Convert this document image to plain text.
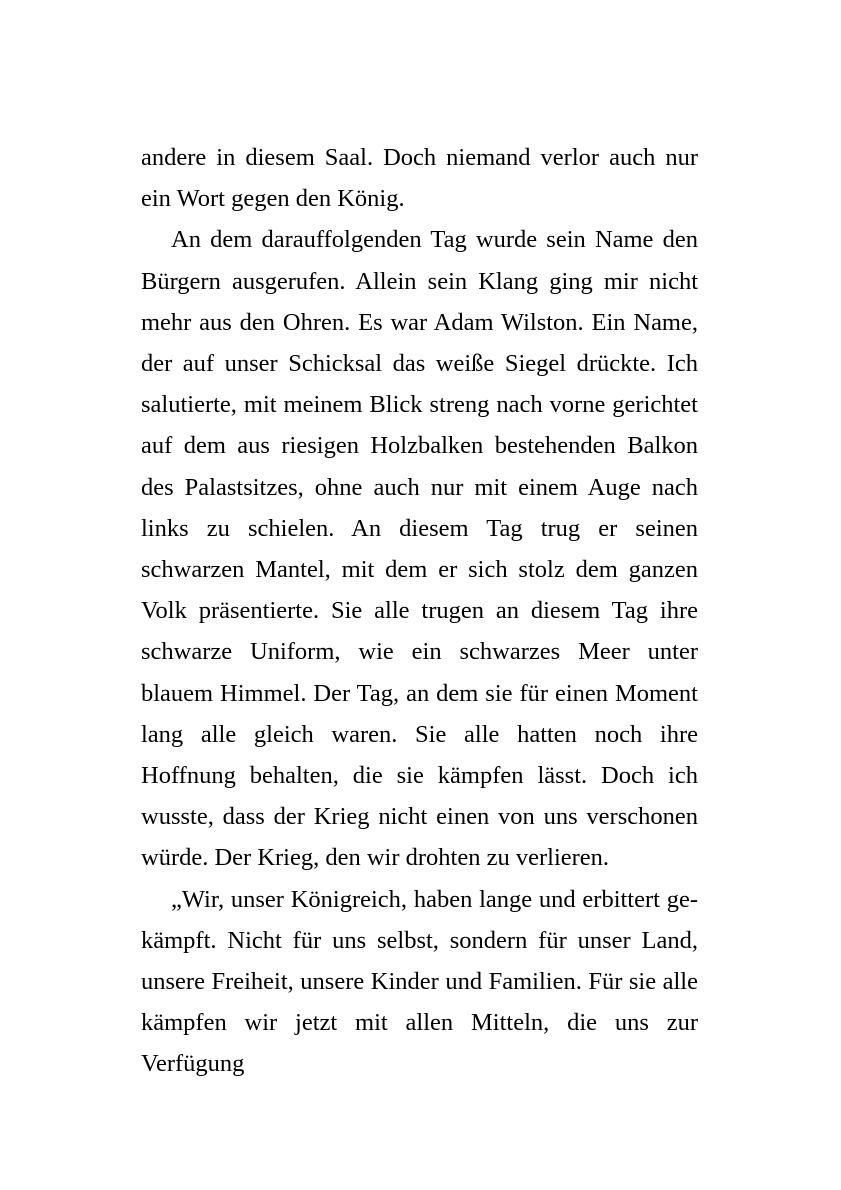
andere in diesem Saal. Doch niemand verlor auch nur ein Wort gegen den König.

An dem darauffolgenden Tag wurde sein Name den Bürgern ausgerufen. Allein sein Klang ging mir nicht mehr aus den Ohren. Es war Adam Wilston. Ein Name, der auf unser Schicksal das weiße Siegel drückte. Ich salutierte, mit meinem Blick streng nach vorne gerichtet auf dem aus riesigen Holzbalken bestehenden Balkon des Palastsitzes, ohne auch nur mit einem Auge nach links zu schielen. An diesem Tag trug er seinen schwarzen Mantel, mit dem er sich stolz dem ganzen Volk präsentierte. Sie alle trugen an diesem Tag ihre schwarze Uniform, wie ein schwarzes Meer unter blauem Himmel. Der Tag, an dem sie für einen Moment lang alle gleich waren. Sie alle hatten noch ihre Hoffnung behalten, die sie kämpfen lässt. Doch ich wusste, dass der Krieg nicht einen von uns verschonen würde. Der Krieg, den wir drohten zu verlieren.

„Wir, unser Königreich, haben lange und erbittert ge-kämpft. Nicht für uns selbst, sondern für unser Land, unsere Freiheit, unsere Kinder und Familien. Für sie alle kämpfen wir jetzt mit allen Mitteln, die uns zur Verfügung
